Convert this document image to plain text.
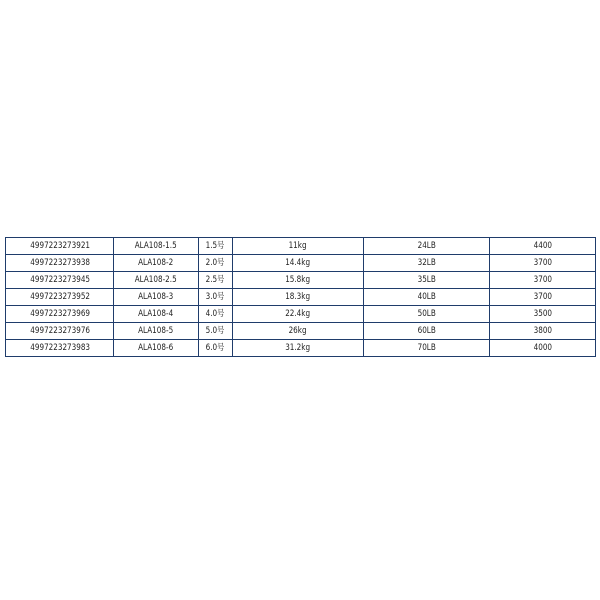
4997223273921	ALA108-1.5	1.5号	11kg	24LB	4400
4997223273938	ALA108-2	2.0号	14.4kg	32LB	3700
4997223273945	ALA108-2.5	2.5号	15.8kg	35LB	3700
4997223273952	ALA108-3	3.0号	18.3kg	40LB	3700
4997223273969	ALA108-4	4.0号	22.4kg	50LB	3500
4997223273976	ALA108-5	5.0号	26kg	60LB	3800
4997223273983	ALA108-6	6.0号	31.2kg	70LB	4000
